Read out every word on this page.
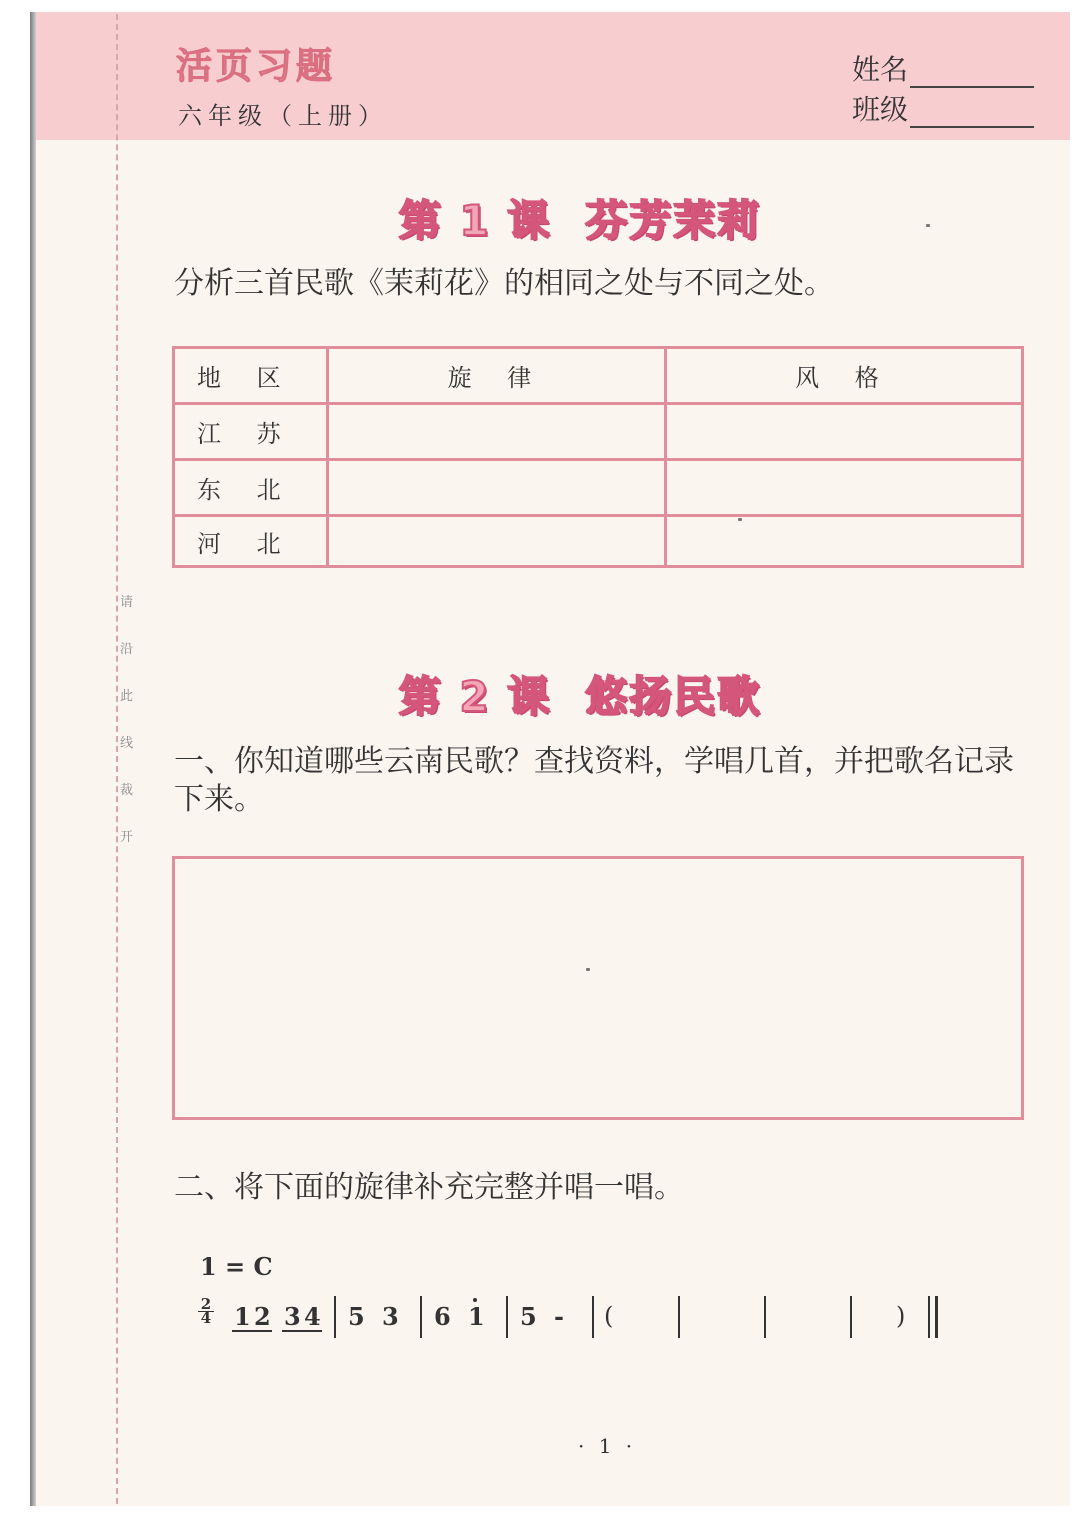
请
沿
此
线
裁
开
活页习题
六年级（上册）
姓名
班级
第 1 课 芬芳茉莉
分析三首民歌《茉莉花》的相同之处与不同之处。
地 区	旋 律	风 格
江 苏		
东 北		
河 北		
第 2 课 悠扬民歌
一、你知道哪些云南民歌？查找资料，学唱几首，并把歌名记录
下来。
二、将下面的旋律补充完整并唱一唱。
1 = C
2
4 1 2 3 4 5 3 6 1 5 - (	)
· 1 ·
